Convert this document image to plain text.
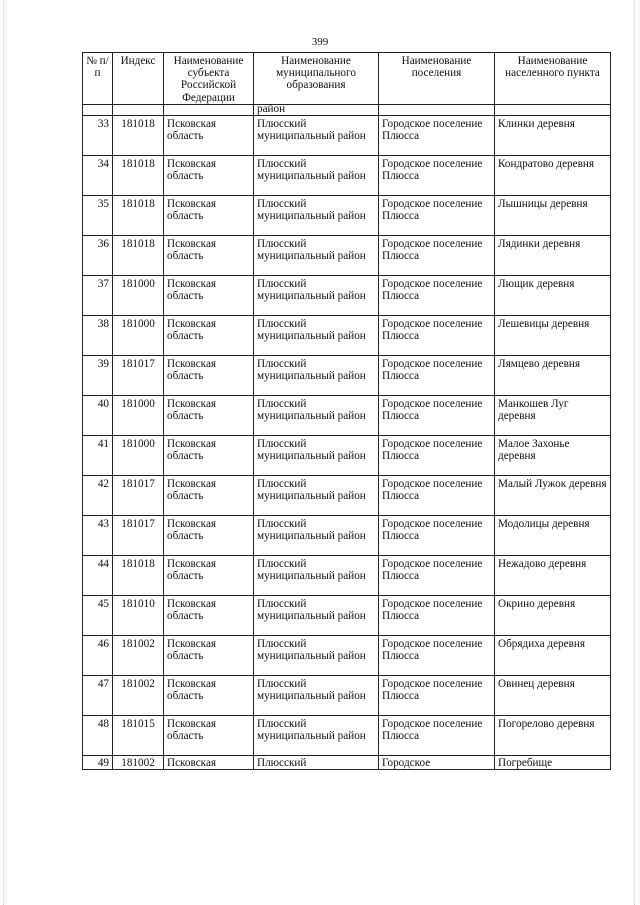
399
№ п/п	Индекс	Наименование субъекта Российской Федерации	Наименование муниципального образования	Наименование поселения	Наименование населенного пункта
			район		
33	181018	Псковская область	Плюсский муниципальный район	Городское поселение Плюсса	Клинки деревня
34	181018	Псковская область	Плюсский муниципальный район	Городское поселение Плюсса	Кондратово деревня
35	181018	Псковская область	Плюсский муниципальный район	Городское поселение Плюсса	Лышницы деревня
36	181018	Псковская область	Плюсский муниципальный район	Городское поселение Плюсса	Лядинки деревня
37	181000	Псковская область	Плюсский муниципальный район	Городское поселение Плюсса	Лющик деревня
38	181000	Псковская область	Плюсский муниципальный район	Городское поселение Плюсса	Лешевицы деревня
39	181017	Псковская область	Плюсский муниципальный район	Городское поселение Плюсса	Лямцево деревня
40	181000	Псковская область	Плюсский муниципальный район	Городское поселение Плюсса	Манкошев Луг деревня
41	181000	Псковская область	Плюсский муниципальный район	Городское поселение Плюсса	Малое Захонье деревня
42	181017	Псковская область	Плюсский муниципальный район	Городское поселение Плюсса	Малый Лужок деревня
43	181017	Псковская область	Плюсский муниципальный район	Городское поселение Плюсса	Модолицы деревня
44	181018	Псковская область	Плюсский муниципальный район	Городское поселение Плюсса	Нежадово деревня
45	181010	Псковская область	Плюсский муниципальный район	Городское поселение Плюсса	Окрино деревня
46	181002	Псковская область	Плюсский муниципальный район	Городское поселение Плюсса	Обрядиха деревня
47	181002	Псковская область	Плюсский муниципальный район	Городское поселение Плюсса	Овинец деревня
48	181015	Псковская область	Плюсский муниципальный район	Городское поселение Плюсса	Погорелово деревня
49	181002	Псковская	Плюсский	Городское	Погребище
